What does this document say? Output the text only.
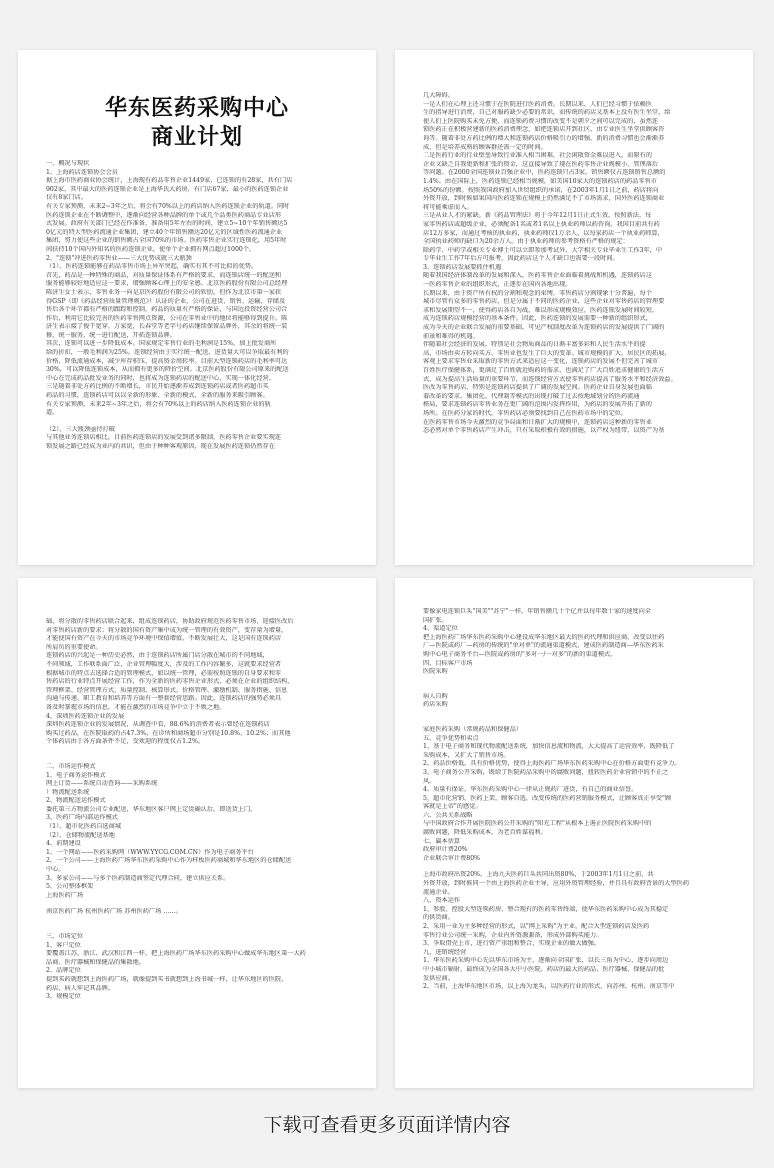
华东医药采购中心
商业计划
一、概况与现状
1、上海药店连锁协会会员
据上海市医药商业协会统计，上海现有药品零售企业1449家，已连锁的有28家，共有门店
902家，其中最大的医药连锁企业是上海华氏大药房，有门店67家，最小的医药连锁企业
仅有8家门店。
有关专家预测，未来2~3年之后，将会有70%以上的药店纳入医药连锁企业的轨道。同时
医药连锁企业在不断调整中，逐渐向经营各种品牌的单个或几个品类医药商品专业店形
式发展。政府有关部门已经在作准备，准备用5年左右的时间，建立5~10个年销售额达5
0亿元的特大型医药流通企业集团，建立40个年销售额达20亿元的区域性医药流通企业
集团，努力使这些企业的销售额占全国70%的市场。医药零售企业实行连锁化，用5年时
间扶持10个国内外知名的医药连锁企业，使单个企业拥有网点超过1000个。
2、"连锁"冲进医药零售业——三大优势成就三大瓶颈
（1）、医药连锁能够在药品零售市场上异军突起，确实有其不可比拟的优势。
首先，药品是一种特殊的商品，对质量保证体系有严格的要求，而连锁店统一的配送和
服务能够较好地适应这一要求，增强顾客心理上的安全感。北京医药股份有限公司总经理
陈济生女士表示，零售业务一向是京医药股份有限公司的软肋，但作为北京市第一家获
得GSP（即《药品经营质量管理规范》）认证的企业，公司在进货、销售、运输、存储及
售后各个环节都有严格的跟踪和控制，药品的质量有严格的保证，与国远投资经营公司合
作后，利用它比较完善的医药零售网点资源，公司在零售业中的地位将能够得到提升。陈
济生表示接了俊干宽穿，万家宽，长春堂等老字号药店继续保留品牌外，其余的将统一装
修，统一服务，统一进行配送，开拓连锁品牌。
其次，连锁可以进一步降低成本。国家规定零售行业的毛利润是15%，加上批发商所
给的折扣，一般毛利润为25%。连锁经营由于实行统一配送，进货量大可以争取最有利的
价格，降低流通成本，减少库存积压，提高资金周转率。目前大型连锁药店的毛利率可达
30%，可以降低连锁成本，从而拥有更多的降价空间。北京医药股份有限公司原来的配送
中心在完成药品批发业务的同时，也将成为连锁药店的配送中心，实现一体化经营。
三是随着非处方药比例的不断增长，市民开始逐渐养成到连锁药店或者医药超市买
药品的习惯，连锁药店可以以全新的形象、全新的模式、全新的服务来吸引顾客。
有关专家预测，未来2年~3年之后，将会有70%以上的药店纳入医药连锁企业的轨
道。
（2）、三大瓶颈亟待打破
与其他业务连锁店相比，目前医药连锁店的发展受到诸多限制，医药零售企业要实现连
锁发展之路已经成为业内的共识，但由于种种客观原因，现在发展医药连锁仍然存在
几大障碍。
一是人们在心理上还习惯于在医院进行医药消费。长期以来，人们已经习惯于依赖医
生的指导进行消费，自己对服药缺少必要的常识，而传统的药店又基本上没有医生坐堂，给
使人们上医院购买未免方便，而连锁药费习惯的改变不是朝夕之间可以完成的，虽然连
锁医药正在积极营建新的医药消费理念，如把连锁店开到社区，由专业医生坐堂供顾客咨
询等。随着非处方药比例的增大和连锁药店价格吸引力的增强，新的消费习惯也会渐渐养
成，但是培养成熟的顾客群还需一定的时间。
二是医药行业的行业壁垒导致行业准入相当困难，社会闲散资金难以进入，而原有的
企业又缺乏自我更新和扩张的资金，这直接导致了现在医药零售企业规模小、管理落后
等问题。在2000全国连锁业百强企业中，医药连锁只占3家，销售额仅占连锁销售总额的
1.4%。由在国际上，医药连锁已经相当规模，如美国10家大的连锁药店的药品零售市
场50%的份额。按照我国政府加入世贸组织的承诺，在2003年1月1日之前，药店将向
外资开放，到时候如果国内医药连锁在规模上仍然满足不了市场需求，国外医药连锁商业
将可能乘虚而入。
三是从业人才的紧缺。新《药品管理法》将于今年12月1日正式生效，按照新法，每
家零售药店或超级企业，必须配备1名或者1名以上执业药师以药咨询。我国目前共有药
店12万多家，而通过考核的执业药，执业药师仅1万余人，以每家药店一个执业药师算，
全国执业药师的缺口为20余万人。由于执业药师的参考资格有严格的规定：
除药学、中药学或相关专业博士可以立即参加考试外，大学相关专业毕业生工作3年，中
专毕业生工作7年后方可报考，因此药店这个人才缺口也需要一段时间。
3、连锁药店发展要抓住机遇
随着我国经济体制改革的发展和深入，医药零售企业面临着挑战和机遇，连锁药店这
一医药零售企业的组织形式，正逐步在国内各地出现。
长期以来，由于资产所有权的分割和观念的束缚，零售药店分割现象十分普遍，每个
城市尽管有众多的零售药店，但是分属于不同的医药企业，这些企业对零售药店的管理要
求和发展期望不一，使得药店各自为战，难以形成规模效应，医药连锁发展时间较短，
成为连锁药店规模经营的基本条件。因此，医药连锁的发展需要一种新的组织形式，
成为今天的企业联合发展的重要基础，可见产权制度改革为连锁药店的发展提供了广阔的
前景和难得的机遇。
伴随着社会经济的发展，特别是社会物质商品的日渐丰富多彩和人民生活水平的提
高，市场由卖方转向买方，零售业也发生了巨大的变革。城市规模的扩大，居民区的拓展，
客观上要求零售业采取新的零售方式来适应这一变化，连锁药店的发展不但完善了城市
百姓医疗保健体系，更满足了百姓就近购药的需求，也满足了广大百姓追求健康的生活方
式，成为提高生活质量的重要环节，而连锁经营方式使零售药店提高了服务水平和经济效益。
医改为零售药店，特别是连锁药店提供了广阔的发展空间。医药企业自身发展也面临
着改革的要求。集团化、代理制等模式的出现打破了过去按地域划分的医药流通
格局，要求连锁药店零售业务在更广阔的范围内发挥作用，为药店的发展开拓了新的
场所。在医药分家的时代，零售药店必须要找到自己在医药市场中的定位。
在医药零售市场今天激烈的竞争局面和日渐扩大的规模中，连锁药店这种新的零售业
态必然对单个零售药店产生冲击，只有采取积极有效的措施，以产权为纽带，以资产为基
础，将分散的零售药店联合起来，组成连锁药店，协助政府规范医药零售市场，迎接医改后
对零售药店新的要求；将分散的国有资产集中成为统一管理的有效资产，变存量为增量，
才能使国有资产在今天的市场竞争环境中保值增值，不断发展壮大，这是国有连锁药店
所肩负的重要使命。
连锁药店的兴起是一种历史必然，由于连锁药店所属门店分散在城市的不同地域，
不同领域，工作联系面广泛，企业管理幅度大，涉及的工作内容繁多，这就要求经营者
根据城市的特点去选择合适的管理模式，如以统一管理，必需按照连锁的自身要求和零
售药店的行业特点开展经营工作，作为全新的医药零售企业形式，必须在企业的组织结构、
管理框架、经营管理方式、质量控制、核算形式、价格管理、激励机制、服务措施、信息
沟通与传递、职工教育和培养等方面有一整套经营思路。因此，连锁药店的强势必须具
备及时掌握市场的信息，才能在激烈的市场竞争中立于不败之地。
4、深圳医药连锁企业的发展
深圳医药连锁企业的发展情况，从调查中看，88.6%的消费者表示曾经在连锁药店
购买过药品，在医院取药的占47.3%，在诊所和商场超市分别是10.8%、10.2%；而其他
个体药店由于各方面条件不足，受欢迎的程度仅占1.2%。
二、市场运作模式
1、电子商务运作模式
网上订货——系统自动查询——采购系统
）物流配送系统
2、物流配送运作模式
委托第三方物流公司专业配送，华东地区客户网上定货确认后，即送货上门。
3、医药广场内部运作模式
（1）、超市化医药自选商城
（2）、仓储物流配送基地
4、前期建设
1、一个网站——医药采购网（WWW.YYCG.COM.CN）作为电子商务平台
2、一个公司——上海医药广场华东医药采购中心作为样板医药商城和华东地区的仓储配送
中心。
3、多家公司——与多个医药制造商签定代理合同，建立供应关系。
5、公司整体框架
上海医药广场
南京医药广场 杭州医药广场 苏州医药广场 ……。
三、市场定位
1、客户定位
要覆盖江苏、浙江、武汉和江西一样，把上海医药广场华东医药采购中心做成华东地区第一大药
品商、医疗器械和保健品的集散地。
2、品牌定位
提到买药就想到上海医药广场，就像提到买书就想到上海书城一样，让华东地区的医院、
药店、病人牢记其品牌。
3、规模定位
要像家电连锁巨头"国美""苏宁"一样，年销售额几十个亿并以每年数十家的速度向全
国扩张。
4、渠道定位
把上海医药广场华东医药采购中心建设成华东地区最大的医药代理和供应商，改变以往药
厂—医院或药厂—药房的传统的"单对单"的流通渠道模式，建成医药制造商—华东医药采
购中心电子商务平台—医院或药房的"多对一/一对多"的新的渠道模式。
四、目标客户市场
医院采购
病人自购
药店采购
家庭医药采购（常规药品和保健品）
五、竞争优势和卖点
1、基于电子商务和现代物流配送系统，加快信息流和物流，大大提高了运营效率，既降低了
采购成本，又扩大了销售市场。
2、药品价格低，具有价格优势，使得上海医药广场华东医药采购中心在价格方面更有竞争力。
3、电子商务公开采购，既给了医院药品采购中的腐败问题，扭转医药企业营销中的不正之
风。
4、质量有保证，华东医药采购中心一律从正规药厂进货，有自己的商业信誉。
5、超市化营销，医药上架，顾客自选，改变传统的医药营销服务模式，让顾客真正享受"顾
客就是上帝"的感觉。
六、公共关系战略
与中国政府合作开展医院医药公开采购的"阳光工程"从根本上遏止医院医药采购中的
腐败问题，降低采购成本，为老百姓谋福利。
七、赢本估算
政府审计费20%
企业联合审计费80%
上海市政府出资20%，上海九天医药巨头共同出资80%，于2003年1月1日之前，共
外资开放，到时候同一个由上海医药企业主导，应用外资管理经验，并且具有政府背景的大型医药
流通企业。
八、资本运作
1、参股、控股大型连锁药房，整合现有的医药零售终端，使华东医药采购中心成为其稳定
的供货商。
2、采用一业为主多种经营的形式，以"网上采购"为主业，配合大型连锁药店及医药
零售行业公司统一采购，企业内外资源兼备，形成外部购买能力。
3、争取借壳上市，进行资产重组和整合，实现企业的做大做强。
九、进销统经营
1、华东医药采购中心先以华东市场为主，逐渐向全国扩张，以长三角为中心，逐步向周边
中小城市辐射，最终成为全国各大中小医院、药店的最大的药品、医疗器械、保健品的批
发供应商。
2、当前，上海华东地区市场，以上海为龙头，以医药行业的形式，向苏州、杭州、南京等中
下载可查看更多页面详情内容
